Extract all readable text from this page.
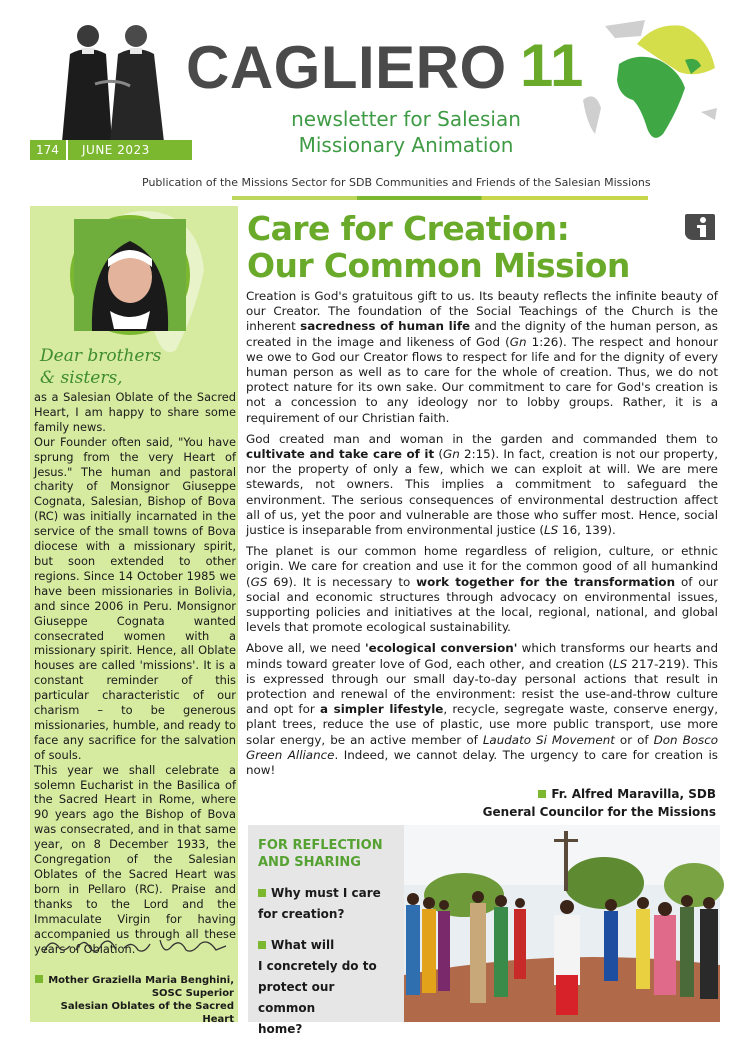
CAGLIERO 11
newsletter for Salesian
Missionary Animation
174	JUNE 2023
Publication of the Missions Sector for SDB Communities and Friends of the Salesian Missions
Dear brothers
& sisters,

as a Salesian Oblate of the Sacred Heart, I am happy to share some family news.

Our Founder often said, "You have sprung from the very Heart of Jesus." The human and pastoral charity of Monsignor Giuseppe Cognata, Salesian, Bishop of Bova (RC) was initially incarnated in the service of the small towns of Bova diocese with a missionary spirit, but soon extended to other regions. Since 14 October 1985 we have been missionaries in Bolivia, and since 2006 in Peru. Monsignor Giuseppe Cognata wanted consecrated women with a missionary spirit. Hence, all Oblate houses are called 'missions'. It is a constant reminder of this particular characteristic of our charism – to be generous missionaries, humble, and ready to face any sacrifice for the salvation of souls.

This year we shall celebrate a solemn Eucharist in the Basilica of the Sacred Heart in Rome, where 90 years ago the Bishop of Bova was consecrated, and in that same year, on 8 December 1933, the Congregation of the Salesian Oblates of the Sacred Heart was born in Pellaro (RC). Praise and thanks to the Lord and the Immaculate Virgin for having accompanied us through all these years of Oblation.

Mother Graziella Maria Benghini,
SOSC Superior
Salesian Oblates of the Sacred Heart
Care for Creation:
Our Common Mission

Creation is God's gratuitous gift to us. Its beauty reflects the infinite beauty of our Creator. The foundation of the Social Teachings of the Church is the inherent sacredness of human life and the dignity of the human person, as created in the image and likeness of God (Gn 1:26). The respect and honour we owe to God our Creator flows to respect for life and for the dignity of every human person as well as to care for the whole of creation. Thus, we do not protect nature for its own sake. Our commitment to care for God's creation is not a concession to any ideology nor to lobby groups. Rather, it is a requirement of our Christian faith.

God created man and woman in the garden and commanded them to cultivate and take care of it (Gn 2:15). In fact, creation is not our property, nor the property of only a few, which we can exploit at will. We are mere stewards, not owners. This implies a commitment to safeguard the environment. The serious consequences of environmental destruction affect all of us, yet the poor and vulnerable are those who suffer most. Hence, social justice is inseparable from environmental justice (LS 16, 139).

The planet is our common home regardless of religion, culture, or ethnic origin. We care for creation and use it for the common good of all humankind (GS 69). It is necessary to work together for the transformation of our social and economic structures through advocacy on environmental issues, supporting policies and initiatives at the local, regional, national, and global levels that promote ecological sustainability.

Above all, we need 'ecological conversion' which transforms our hearts and minds toward greater love of God, each other, and creation (LS 217-219). This is expressed through our small day-to-day personal actions that result in protection and renewal of the environment: resist the use-and-throw culture and opt for a simpler lifestyle, recycle, segregate waste, conserve energy, plant trees, reduce the use of plastic, use more public transport, use more solar energy, be an active member of Laudato Si Movement or of Don Bosco Green Alliance. Indeed, we cannot delay. The urgency to care for creation is now!

Fr. Alfred Maravilla, SDB
General Councilor for the Missions
FOR REFLECTION
AND SHARING
Why must I care
for creation?
What will
I concretely do to
protect our common
home?
